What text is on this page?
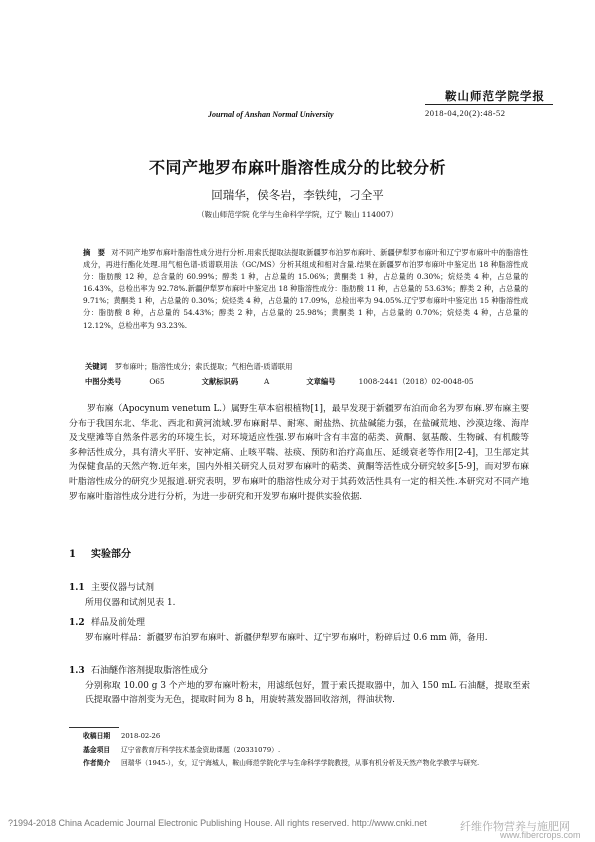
Journal of Anshan Normal University
鞍山师范学院学报
2018-04,20(2):48-52
不同产地罗布麻叶脂溶性成分的比较分析
回瑞华，侯冬岩，李铁纯，刁全平
（鞍山师范学院 化学与生命科学学院，辽宁 鞍山 114007）
摘　要 对不同产地罗布麻叶脂溶性成分进行分析.用索氏提取法提取新疆罗布泊罗布麻叶、新疆伊犁罗布麻叶和辽宁罗布麻叶中的脂溶性成分，再进行酯化处理.用气相色谱-质谱联用法（GC/MS）分析其组成和相对含量.结果在新疆罗布泊罗布麻叶中鉴定出 18 种脂溶性成分：脂肪酸 12 种，总含量的 60.99%；醇类 1 种，占总量的 15.06%；黄酮类 1 种，占总量的 0.30%；烷烃类 4 种，占总量的 16.43%，总检出率为 92.78%.新疆伊犁罗布麻叶中鉴定出 18 种脂溶性成分：脂肪酸 11 种，占总量的 53.63%；醇类 2 种，占总量的 9.71%；黄酮类 1 种，占总量的 0.30%；烷烃类 4 种，占总量的 17.09%，总检出率为 94.05%.辽宁罗布麻叶中鉴定出 15 种脂溶性成分：脂肪酸 8 种，占总量的 54.43%；醇类 2 种，占总量的 25.98%；黄酮类 1 种，占总量的 0.70%；烷烃类 4 种，占总量的 12.12%，总检出率为 93.23%.
关键词 罗布麻叶；脂溶性成分；索氏提取；气相色谱-质谱联用
中图分类号	O65	文献标识码	A	文章编号	1008-2441（2018）02-0048-05
罗布麻（Apocynum venetum L.）属野生草本宿根植物[1]，最早发现于新疆罗布泊而命名为罗布麻.罗布麻主要分布于我国东北、华北、西北和黄河流域.罗布麻耐旱、耐寒、耐盐热、抗盐碱能力强，在盐碱荒地、沙漠边缘、海岸及戈壁滩等自然条件恶劣的环境生长，对环境适应性强.罗布麻叶含有丰富的萜类、黄酮、氨基酸、生物碱、有机酸等多种活性成分，具有清火平肝、安神定痛、止咳平喘、祛痰、预防和治疗高血压、延缓衰老等作用[2-4]，卫生部定其为保健食品的天然产物.近年来，国内外相关研究人员对罗布麻叶的萜类、黄酮等活性成分研究较多[5-9]，而对罗布麻叶脂溶性成分的研究少见报道.研究表明，罗布麻叶的脂溶性成分对于其药效活性具有一定的相关性.本研究对不同产地罗布麻叶脂溶性成分进行分析，为进一步研究和开发罗布麻叶提供实验依据.
1 实验部分
1.1 主要仪器与试剂
所用仪器和试剂见表 1.
1.2 样品及前处理
罗布麻叶样品：新疆罗布泊罗布麻叶、新疆伊犁罗布麻叶、辽宁罗布麻叶，粉碎后过 0.6 mm 筛，备用.
1.3 石油醚作溶剂提取脂溶性成分
分别称取 10.00 g 3 个产地的罗布麻叶粉末，用滤纸包好，置于索氏提取器中，加入 150 mL 石油醚，提取至索氏提取器中溶剂变为无色，提取时间为 8 h，用旋转蒸发器回收溶剂，得油状物.
收稿日期 2018-02-26
基金项目 辽宁省教育厅科学技术基金资助课题（20331079）.
作者简介 回瑞华（1945-），女，辽宁海城人，鞍山师范学院化学与生命科学学院教授，从事有机分析及天然产物化学教学与研究.
?1994-2018 China Academic Journal Electronic Publishing House. All rights reserved. http://www.cnki.net	纤维作物营养与施肥网
www.fibercrops.com
